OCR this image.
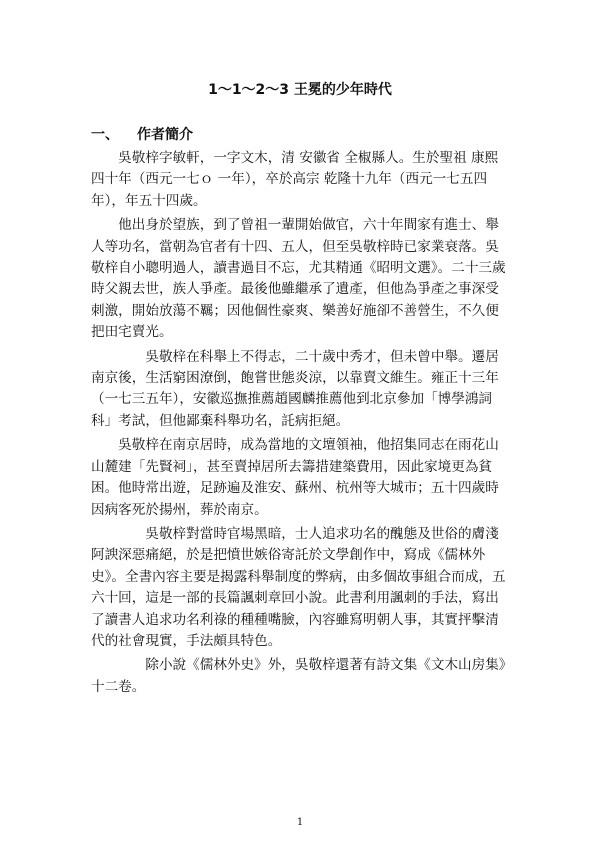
1～1～2～3 王冕的少年時代
一、 作者簡介

　　吳敬梓字敏軒，一字文木，清 安徽省 全椒縣人。生於聖祖 康熙四十年（西元一七ｏ 一年），卒於高宗 乾隆十九年（西元一七五四年），年五十四歲。

　　他出身於望族，到了曾祖一輩開始做官，六十年間家有進士、舉人等功名，當朝為官者有十四、五人，但至吳敬梓時已家業衰落。吳敬梓自小聰明過人，讀書過目不忘，尤其精通《昭明文選》。二十三歲時父親去世，族人爭產。最後他雖繼承了遺產，但他為爭產之事深受刺激，開始放蕩不羈；因他個性豪爽、樂善好施卻不善營生，不久便把田宅賣光。

　　　　吳敬梓在科舉上不得志，二十歲中秀才，但未曾中舉。遷居南京後，生活窮困潦倒，飽嘗世態炎涼，以靠賣文維生。雍正十三年（一七三五年），安徽巡撫推薦趙國麟推薦他到北京參加「博學鴻詞科」考試，但他鄙棄科舉功名，託病拒絕。

　　吳敬梓在南京居時，成為當地的文壇領袖，他招集同志在雨花山山麓建「先賢祠」，甚至賣掉居所去籌措建築費用，因此家境更為貧困。他時常出遊，足跡遍及淮安、蘇州、杭州等大城市；五十四歲時因病客死於揚州，葬於南京。

　　　　吳敬梓對當時官場黑暗，士人追求功名的醜態及世俗的膚淺阿諛深惡痛絕，於是把憤世嫉俗寄託於文學創作中，寫成《儒林外史》。全書內容主要是揭露科舉制度的弊病，由多個故事組合而成，五六十回，這是一部的長篇諷刺章回小說。此書利用諷刺的手法，寫出了讀書人追求功名利祿的種種嘴臉，內容雖寫明朝人事，其實抨擊清代的社會現實，手法頗具特色。

　　　　除小說《儒林外史》外，吳敬梓還著有詩文集《文木山房集》十二卷。

1
